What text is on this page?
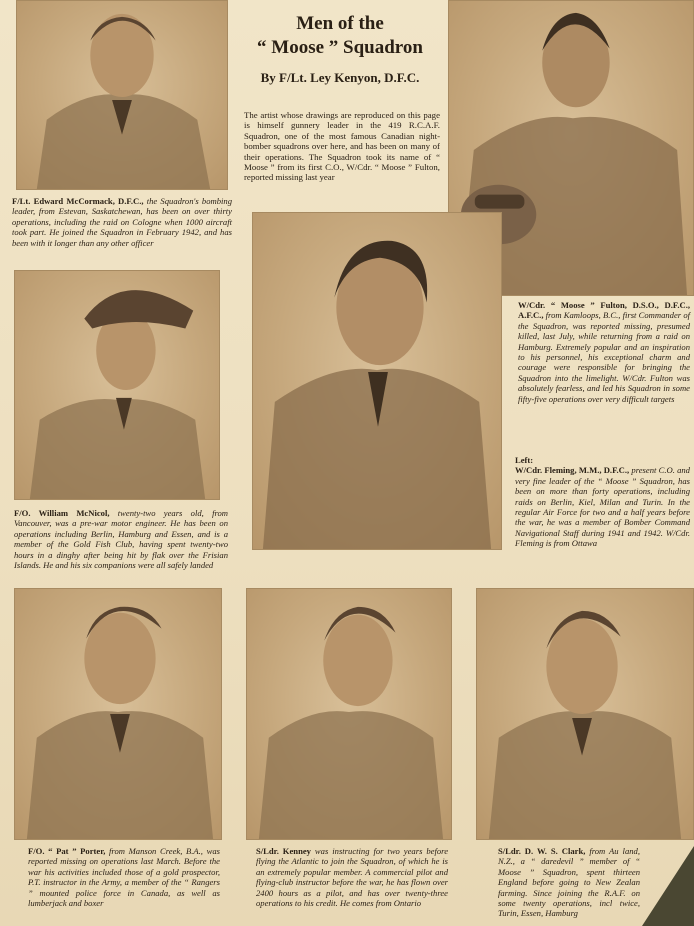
Men of the
“ Moose ” Squadron
By F/Lt. Ley Kenyon, D.F.C.
The artist whose drawings are reproduced on this page is himself gunnery leader in the 419 R.C.A.F. Squadron, one of the most famous Canadian night-bomber squadrons over here, and has been on many of their operations. The Squadron took its name of “ Moose ” from its first C.O., W/Cdr. “ Moose ” Fulton, reported missing last year
F/Lt. Edward McCormack, D.F.C., the Squadron's bombing leader, from Estevan, Saskatchewan, has been on over thirty operations, including the raid on Cologne when 1000 aircraft took part. He joined the Squadron in February 1942, and has been with it longer than any other officer
W/Cdr. “ Moose ” Fulton, D.S.O., D.F.C., A.F.C., from Kamloops, B.C., first Commander of the Squadron, was reported missing, presumed killed, last July, while returning from a raid on Hamburg. Extremely popular and an inspiration to his personnel, his exceptional charm and courage were responsible for bringing the Squadron into the limelight. W/Cdr. Fulton was absolutely fearless, and led his Squadron in some fifty-five operations over very difficult targets
Left:
W/Cdr. Fleming, M.M., D.F.C., present C.O. and very fine leader of the “ Moose ” Squadron, has been on more than forty operations, including raids on Berlin, Kiel, Milan and Turin. In the regular Air Force for two and a half years before the war, he was a member of Bomber Command Navigational Staff during 1941 and 1942. W/Cdr. Fleming is from Ottawa
F/O. William McNicol, twenty-two years old, from Vancouver, was a pre-war motor engineer. He has been on operations including Berlin, Hamburg and Essen, and is a member of the Gold Fish Club, having spent twenty-two hours in a dinghy after being hit by flak over the Frisian Islands. He and his six companions were all safely landed
F/O. “ Pat ” Porter, from Manson Creek, B.A., was reported missing on operations last March. Before the war his activities included those of a gold prospector, P.T. instructor in the Army, a member of the “ Rangers ” mounted police force in Canada, as well as lumberjack and boxer
S/Ldr. Kenney was instructing for two years before flying the Atlantic to join the Squadron, of which he is an extremely popular member. A commercial pilot and flying-club instructor before the war, he has flown over 2400 hours as a pilot, and has over twenty-three operations to his credit. He comes from Ontario
S/Ldr. D. W. S. Clark, from Au land, N.Z., a “ daredevil ” member of “ Moose ” Squadron, spent thirteen England before going to New Zealan farming. Since joining the R.A.F. on some twenty operations, incl twice, Turin, Essen, Hamburg
